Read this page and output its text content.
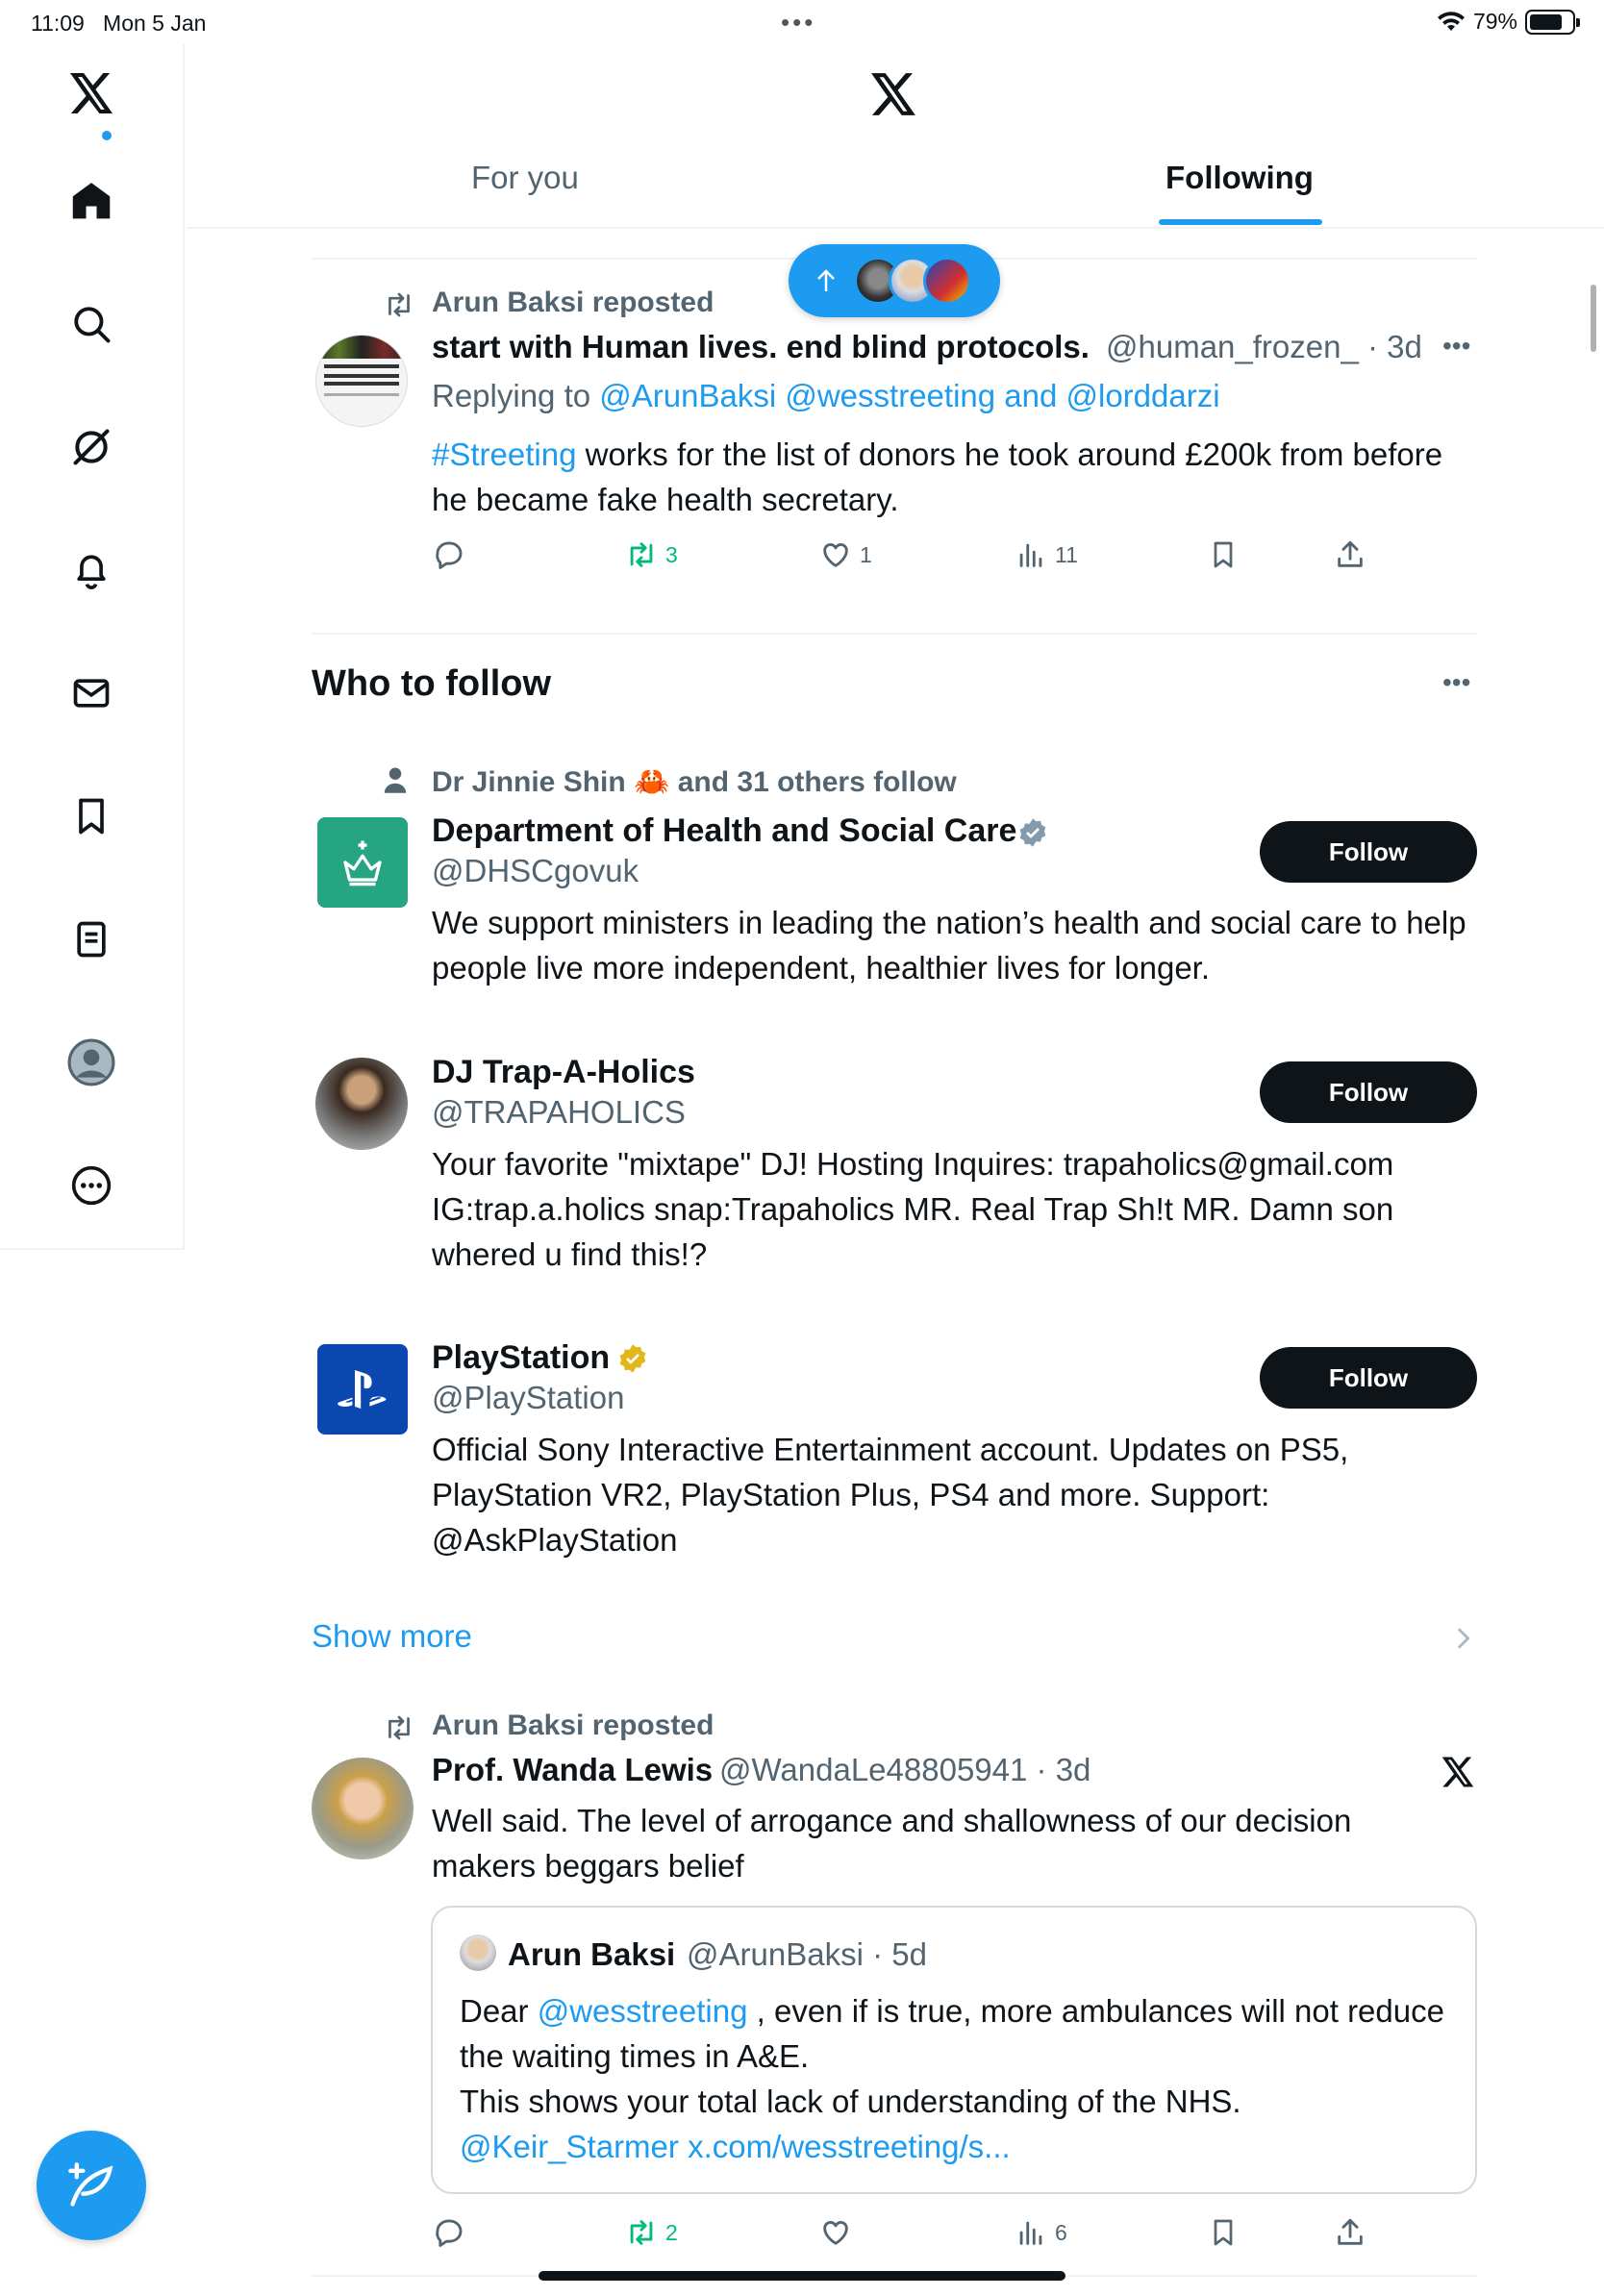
11:09 Mon 5 Jan	•••	79%
For you	Following
Arun Baksi reposted
start with Human lives. end blind protocols. @human_frozen_ · 3d •••
Replying to @ArunBaksi @wesstreeting and @lorddarzi
#Streeting works for the list of donors he took around £200k from before he became fake health secretary.
3	1	11
Who to follow	•••
Dr Jinnie Shin 🦀 and 31 others follow
Department of Health and Social Care
@DHSCgovuk
We support ministers in leading the nation’s health and social care to help people live more independent, healthier lives for longer.
Follow
DJ Trap-A-Holics
@TRAPAHOLICS
Your favorite "mixtape" DJ! Hosting Inquires: trapaholics@gmail.com IG:trap.a.holics snap:Trapaholics MR. Real Trap Sh!t MR. Damn son whered u find this!?
Follow
PlayStation
@PlayStation
Official Sony Interactive Entertainment account. Updates on PS5, PlayStation VR2, PlayStation Plus, PS4 and more. Support: @AskPlayStation
Follow
Show more
Arun Baksi reposted
Prof. Wanda Lewis @WandaLe48805941 · 3d
Well said. The level of arrogance and shallowness of our decision makers beggars belief
Arun Baksi @ArunBaksi · 5d
Dear @wesstreeting , even if is true, more ambulances will not reduce the waiting times in A&E.
This shows your total lack of understanding of the NHS.
@Keir_Starmer x.com/wesstreeting/s...
2	6
